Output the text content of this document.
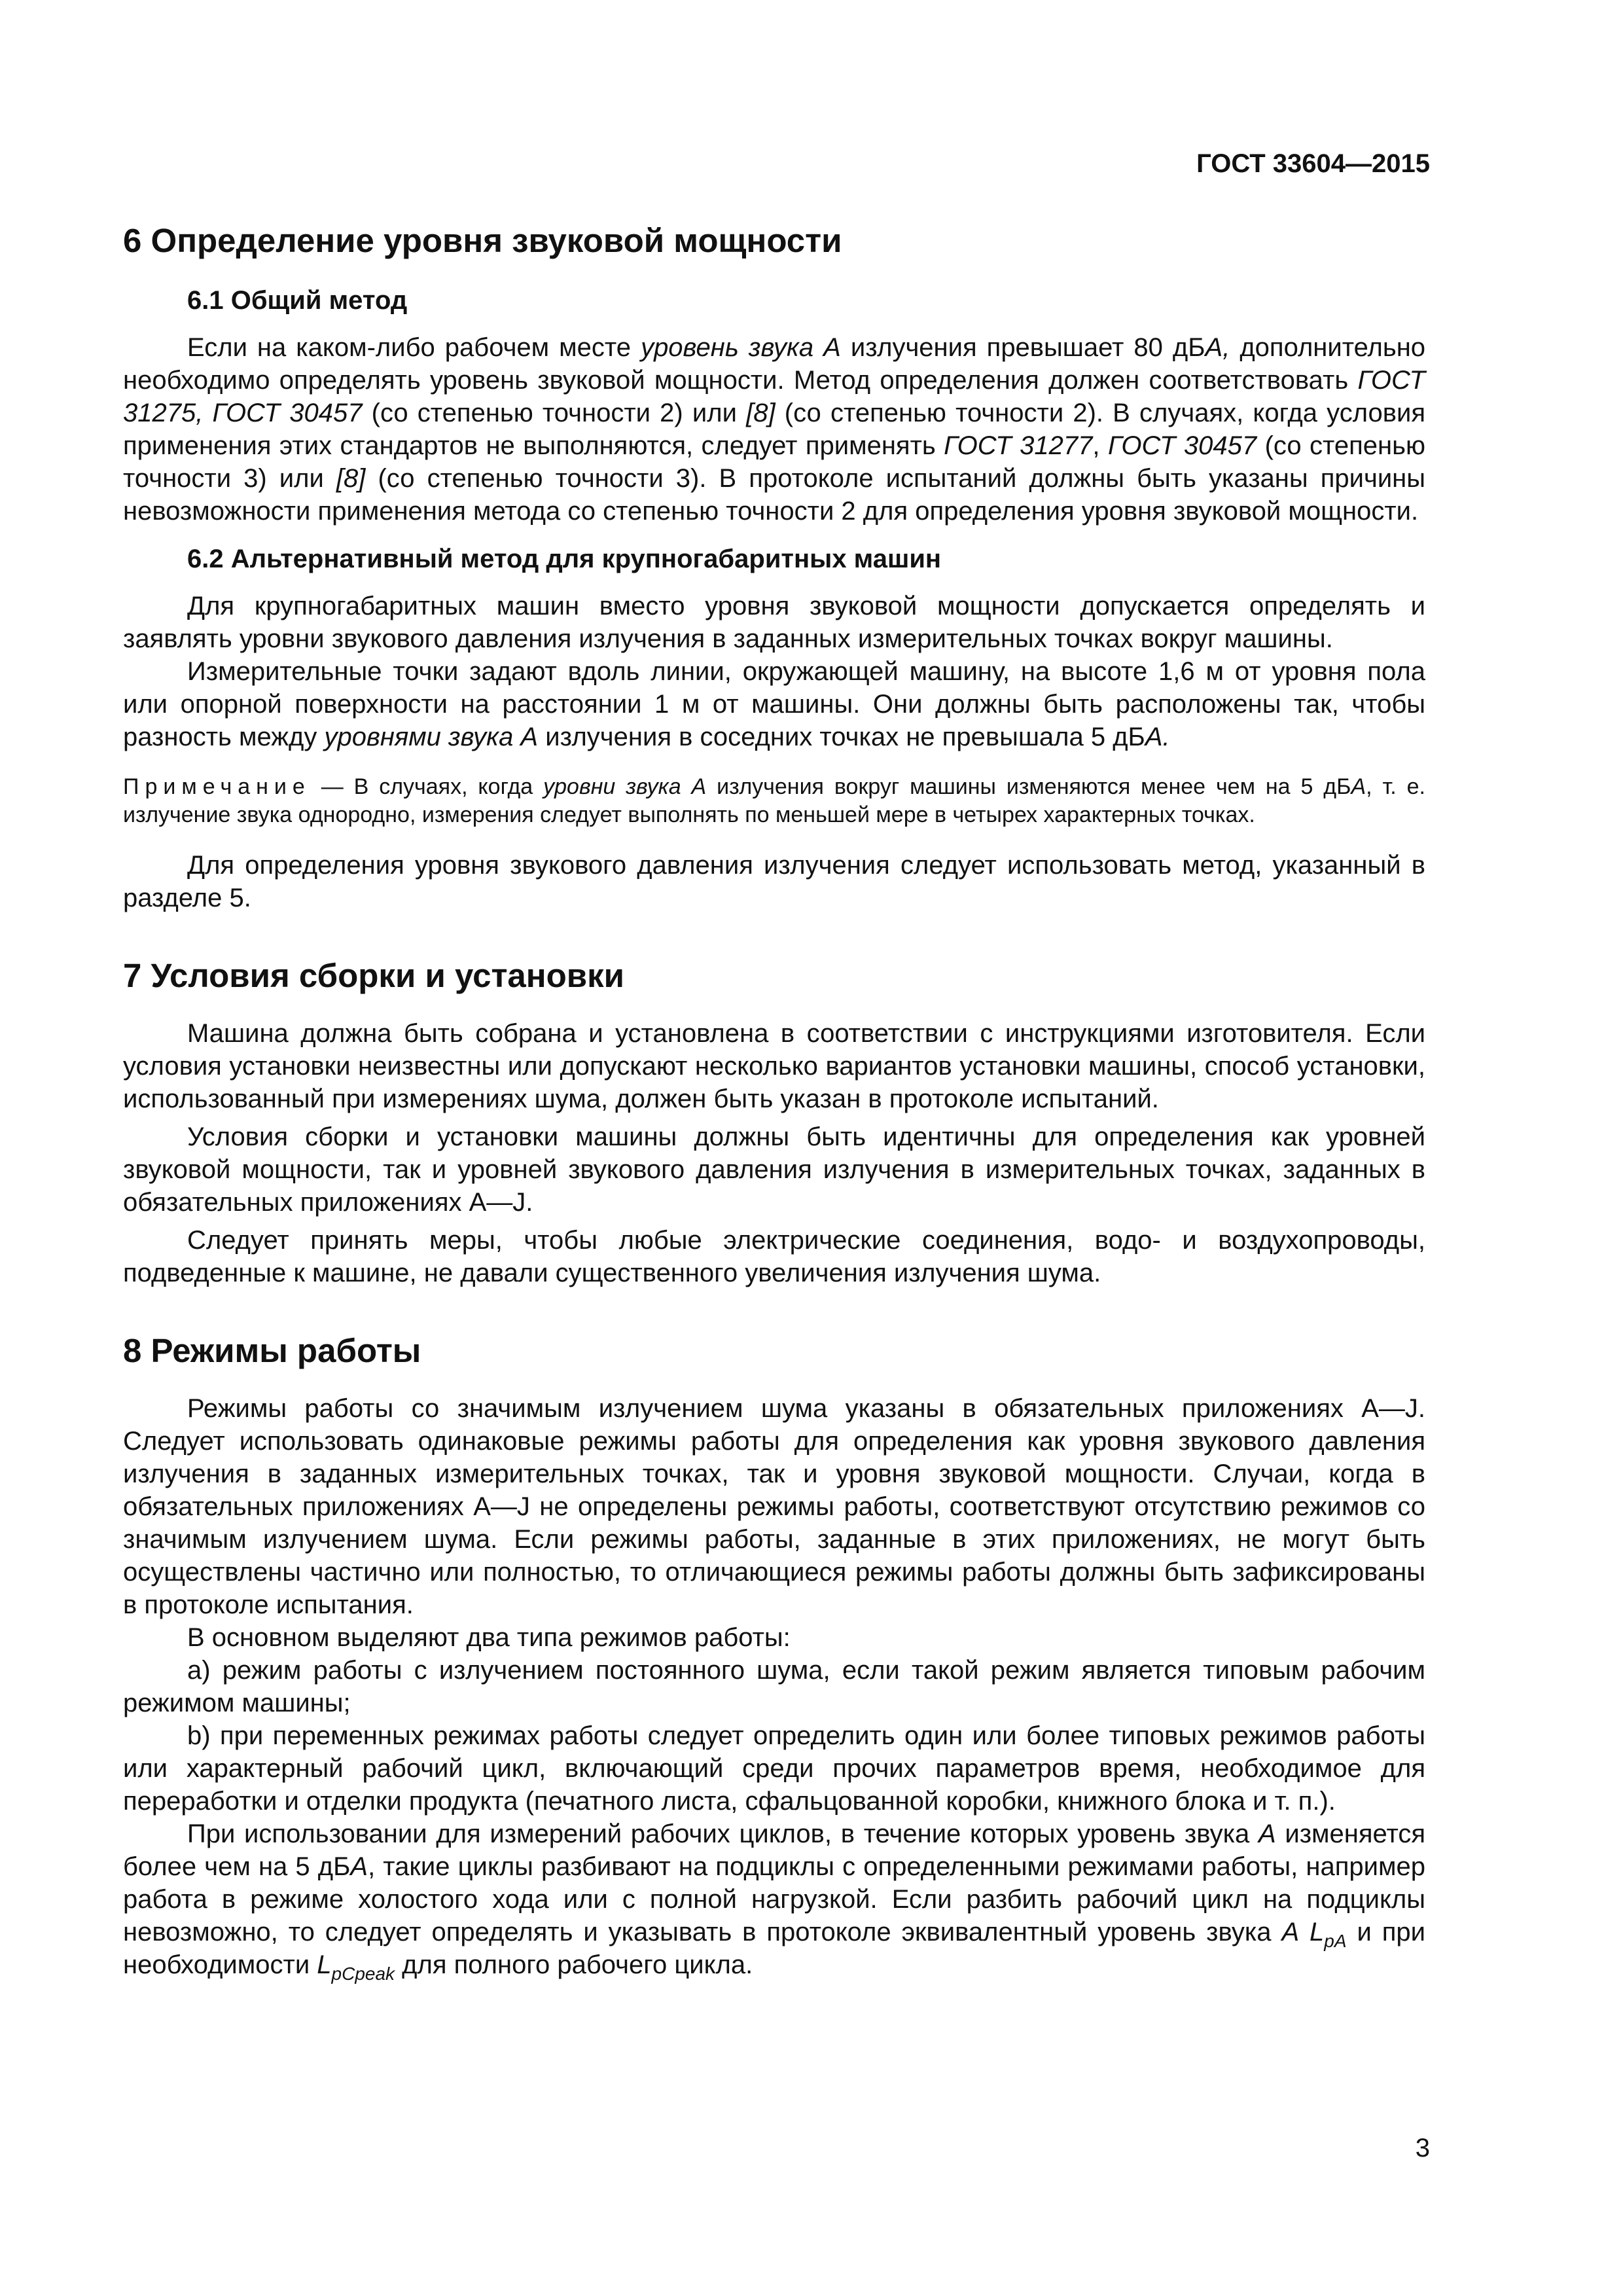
ГОСТ 33604—2015
6 Определение уровня звуковой мощности
6.1 Общий метод

Если на каком-либо рабочем месте уровень звука А излучения превышает 80 дБА, дополнительно необходимо определять уровень звуковой мощности. Метод определения должен соответствовать ГОСТ 31275, ГОСТ 30457 (со степенью точности 2) или [8] (со степенью точности 2). В случаях, когда условия применения этих стандартов не выполняются, следует применять ГОСТ 31277, ГОСТ 30457 (со степенью точности 3) или [8] (со степенью точности 3). В протоколе испытаний должны быть указаны причины невозможности применения метода со степенью точности 2 для определения уровня звуковой мощности.

6.2 Альтернативный метод для крупногабаритных машин

Для крупногабаритных машин вместо уровня звуковой мощности допускается определять и заявлять уровни звукового давления излучения в заданных измерительных точках вокруг машины.

Измерительные точки задают вдоль линии, окружающей машину, на высоте 1,6 м от уровня пола или опорной поверхности на расстоянии 1 м от машины. Они должны быть расположены так, чтобы разность между уровнями звука А излучения в соседних точках не превышала 5 дБА.

Примечание — В случаях, когда уровни звука А излучения вокруг машины изменяются менее чем на 5 дБА, т. е. излучение звука однородно, измерения следует выполнять по меньшей мере в четырех характерных точках.

Для определения уровня звукового давления излучения следует использовать метод, указанный в разделе 5.

7 Условия сборки и установки

Машина должна быть собрана и установлена в соответствии с инструкциями изготовителя. Если условия установки неизвестны или допускают несколько вариантов установки машины, способ установки, использованный при измерениях шума, должен быть указан в протоколе испытаний.

Условия сборки и установки машины должны быть идентичны для определения как уровней звуковой мощности, так и уровней звукового давления излучения в измерительных точках, заданных в обязательных приложениях А—J.

Следует принять меры, чтобы любые электрические соединения, водо- и воздухопроводы, подведенные к машине, не давали существенного увеличения излучения шума.

8 Режимы работы

Режимы работы со значимым излучением шума указаны в обязательных приложениях А—J. Следует использовать одинаковые режимы работы для определения как уровня звукового давления излучения в заданных измерительных точках, так и уровня звуковой мощности. Случаи, когда в обязательных приложениях А—J не определены режимы работы, соответствуют отсутствию режимов со значимым излучением шума. Если режимы работы, заданные в этих приложениях, не могут быть осуществлены частично или полностью, то отличающиеся режимы работы должны быть зафиксированы в протоколе испытания.

В основном выделяют два типа режимов работы:

а) режим работы с излучением постоянного шума, если такой режим является типовым рабочим режимом машины;

b) при переменных режимах работы следует определить один или более типовых режимов работы или характерный рабочий цикл, включающий среди прочих параметров время, необходимое для переработки и отделки продукта (печатного листа, сфальцованной коробки, книжного блока и т. п.).

При использовании для измерений рабочих циклов, в течение которых уровень звука А изменяется более чем на 5 дБА, такие циклы разбивают на подциклы с определенными режимами работы, например работа в режиме холостого хода или с полной нагрузкой. Если разбить рабочий цикл на подциклы невозможно, то следует определять и указывать в протоколе эквивалентный уровень звука А $L_{pA}$ и при необходимости $L_{pCpeak}$ для полного рабочего цикла.

3
